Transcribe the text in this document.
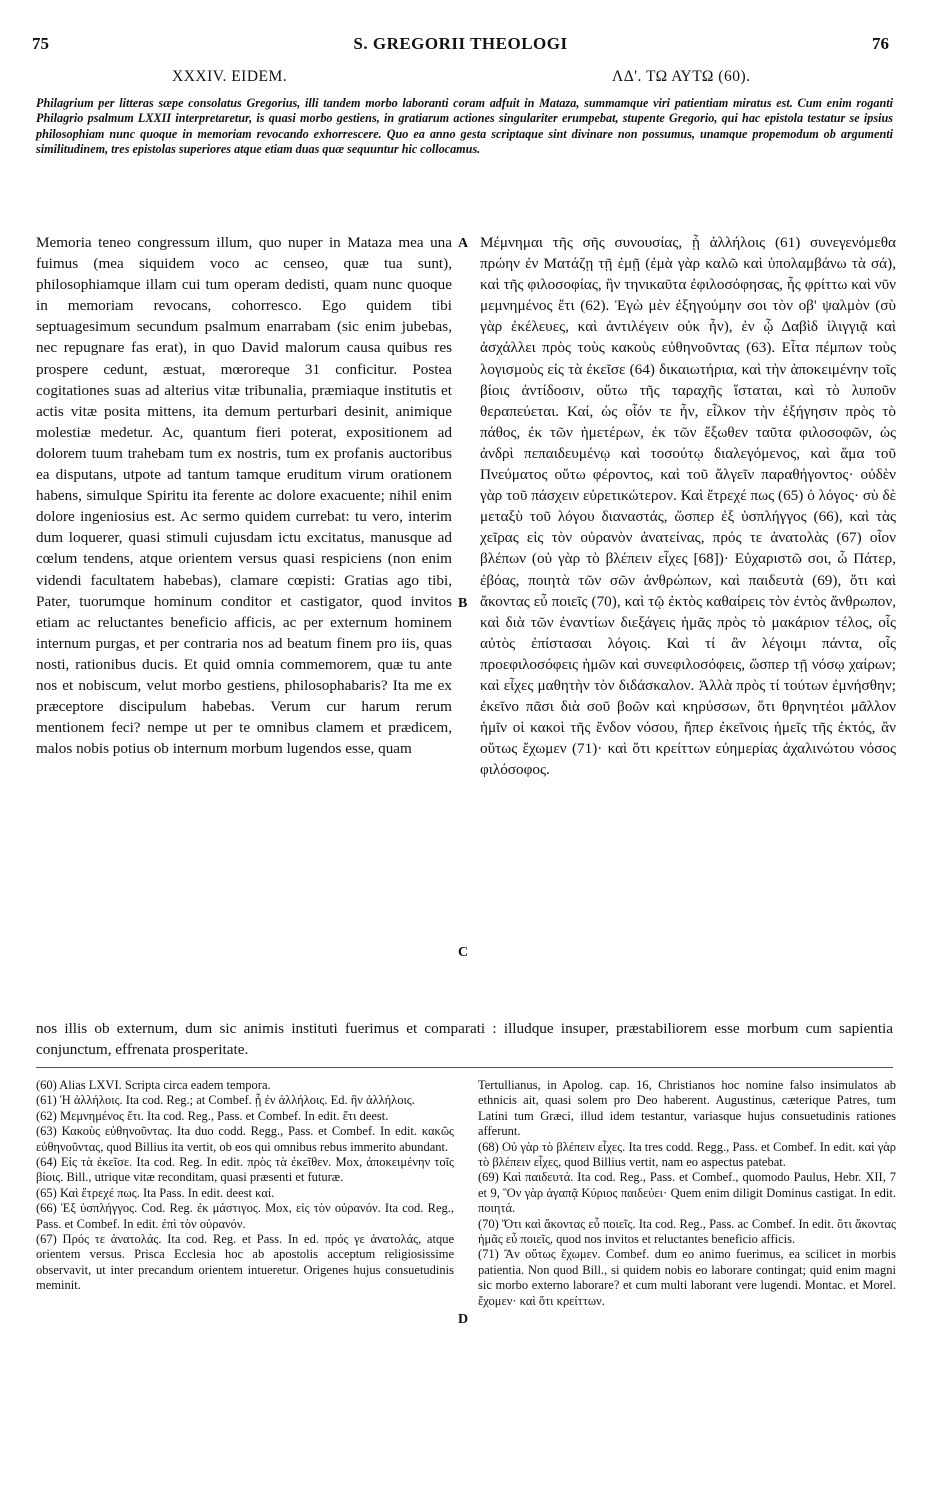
75	S. GREGORII THEOLOGI	76
XXXIV. EIDEM.	ΛΔ'. ΤΩ ΑΥΤΩ (60).
Philagrium per litteras sæpe consolatus Gregorius, illi tandem morbo laboranti coram adfuit in Mataza, summamque viri patientiam miratus est. Cum enim roganti Philagrio psalmum LXXII interpretaretur, is quasi morbo gestiens, in gratiarum actiones singulariter erumpebat, stupente Gregorio, qui hac epistola testatur se ipsius philosophiam nunc quoque in memoriam revocando exhorrescere. Quo ea anno gesta scriptaque sint divinare non possumus, unamque propemodum ob argumenti similitudinem, tres epistolas superiores atque etiam duas quæ sequuntur hic collocamus.
Memoria teneo congressum illum, quo nuper in Mataza mea una fuimus (mea siquidem voco ac censeo, quæ tua sunt), philosophiamque illam cui tum operam dedisti, quam nunc quoque in memoriam revocans, cohorresco. Ego quidem tibi septuagesimum secundum psalmum enarrabam (sic enim jubebas, nec repugnare fas erat), in quo David malorum causa quibus res prospere cedunt, æstuat, mœroreque 31 conficitur. Postea cogitationes suas ad alterius vitæ tribunalia, præmiaque institutis et actis vitæ posita mittens, ita demum perturbari desinit, animique molestiæ medetur. Ac, quantum fieri poterat, expositionem ad dolorem tuum trahebam tum ex nostris, tum ex profanis auctoribus ea disputans, utpote ad tantum tamque eruditum virum orationem habens, simulque Spiritu ita ferente ac dolore exacuente; nihil enim dolore ingeniosius est. Ac sermo quidem currebat: tu vero, interim dum loquerer, quasi stimuli cujusdam ictu excitatus, manusque ad cœlum tendens, atque orientem versus quasi respiciens (non enim videndi facultatem habebas), clamare cœpisti: Gratias ago tibi, Pater, tuorumque hominum conditor et castigator, quod invitos etiam ac reluctantes beneficio afficis, ac per externum hominem internum purgas, et per contraria nos ad beatum finem pro iis, quas nosti, rationibus ducis. Et quid omnia commemorem, quæ tu ante nos et nobiscum, velut morbo gestiens, philosophabaris? Ita me ex præceptore discipulum habebas. Verum cur harum rerum mentionem feci? nempe ut per te omnibus clamem et prædicem, malos nobis potius ob internum morbum lugendos esse, quam
Μέμνημαι τῆς σῆς συνουσίας, ᾗ ἀλλήλοις (61) συνεγενόμεθα πρώην ἐν Ματάζῃ τῇ ἐμῇ (ἐμὰ γὰρ καλῶ καὶ ὑπολαμβάνω τὰ σά), καὶ τῆς φιλοσοφίας, ἣν τηνικαῦτα ἐφιλοσόφησας, ἧς φρίττω καὶ νῦν μεμνημένος ἔτι (62). Ἐγὼ μὲν ἐξηγούμην σοι τὸν οβ' ψαλμὸν (σὺ γὰρ ἐκέλευες, καὶ ἀντιλέγειν οὐκ ἦν), ἐν ᾧ Δαβὶδ ἰλιγγιᾷ καὶ ἀσχάλλει πρὸς τοὺς κακοὺς εὐθηνοῦντας (63). Εἶτα πέμπων τοὺς λογισμοὺς εἰς τὰ ἐκεῖσε (64) δικαιωτήρια, καὶ τὴν ἀποκειμένην τοῖς βίοις ἀντίδοσιν, οὕτω τῆς ταραχῆς ἵσταται, καὶ τὸ λυποῦν θεραπεύεται. Καί, ὡς οἷόν τε ἦν, εἷλκον τὴν ἐξήγησιν πρὸς τὸ πάθος, ἐκ τῶν ἡμετέρων, ἐκ τῶν ἔξωθεν ταῦτα φιλοσοφῶν, ὡς ἀνδρὶ πεπαιδευμένῳ καὶ τοσούτῳ διαλεγόμενος, καὶ ἅμα τοῦ Πνεύματος οὕτω φέροντος, καὶ τοῦ ἄλγεῖν παραθήγοντος· οὐδὲν γὰρ τοῦ πάσχειν εὑρετικώτερον. Καὶ ἔτρεχέ πως (65) ὁ λόγος· σὺ δὲ μεταξὺ τοῦ λόγου διαναστάς, ὥσπερ ἐξ ὑσπλήγγος (66), καὶ τὰς χεῖρας εἰς τὸν οὐρανὸν ἀνατείνας, πρός τε ἀνατολὰς (67) οἷον βλέπων (οὐ γὰρ τὸ βλέπειν εἶχες [68])· Εὐχαριστῶ σοι, ὦ Πάτερ, ἐβόας, ποιητὰ τῶν σῶν ἀνθρώπων, καὶ παιδευτὰ (69), ὅτι καὶ ἄκοντας εὖ ποιεῖς (70), καὶ τῷ ἐκτὸς καθαίρεις τὸν ἐντὸς ἄνθρωπον, καὶ διὰ τῶν ἐναντίων διεξάγεις ἡμᾶς πρὸς τὸ μακάριον τέλος, οἷς αὐτὸς ἐπίστασαι λόγοις. Καὶ τί ἂν λέγοιμι πάντα, οἷς προεφιλοσόφεις ἡμῶν καὶ συνεφιλοσόφεις, ὥσπερ τῇ νόσῳ χαίρων; καὶ εἶχες μαθητὴν τὸν διδάσκαλον. Ἀλλὰ πρὸς τί τούτων ἐμνήσθην; ἐκεῖνο πᾶσι διὰ σοῦ βοῶν καὶ κηρύσσων, ὅτι θρηνητέοι μᾶλλον ἡμῖν οἱ κακοὶ τῆς ἔνδον νόσου, ἤπερ ἐκεῖνοις ἡμεῖς τῆς ἐκτός, ἂν οὕτως ἔχωμεν (71)· καὶ ὅτι κρείττων εὐημερίας ἀχαλινώτου νόσος φιλόσοφος.
A
B
C
D
nos illis ob externum, dum sic animis instituti fuerimus et comparati : illudque insuper, præstabiliorem esse morbum cum sapientia conjunctum, effrenata prosperitate.

(60) Alias LXVI. Scripta circa eadem tempora.

(61) Ἡ ἀλλήλοις. Ita cod. Reg.; at Combef. ᾗ ἐν ἀλλήλοις. Ed. ἣν ἀλλήλοις.

(62) Μεμνημένος ἔτι. Ita cod. Reg., Pass. et Combef. In edit. ἔτι deest.

(63) Κακοὺς εὐθηνοῦντας. Ita duo codd. Regg., Pass. et Combef. In edit. κακῶς εὐθηνοῦντας, quod Billius ita vertit, ob eos qui omnibus rebus immerito abundant.

(64) Εἰς τὰ ἐκεῖσε. Ita cod. Reg. In edit. πρὸς τὰ ἐκεῖθεν. Mox, ἀποκειμένην τοῖς βίοις. Bill., utrique vitæ reconditam, quasi præsenti et futuræ.

(65) Καὶ ἔτρεχέ πως. Ita Pass. In edit. deest καί.

(66) Ἐξ ὑσπλήγγος. Cod. Reg. ἐκ μάστιγος. Mox, εἰς τὸν οὐρανόν. Ita cod. Reg., Pass. et Combef. In edit. ἐπὶ τὸν οὐρανόν.

(67) Πρός τε ἀνατολάς. Ita cod. Reg. et Pass. In ed. πρός γε ἀνατολάς, atque orientem versus. Prisca Ecclesia hoc ab apostolis acceptum religiosissime observavit, ut inter precandum orientem intueretur. Origenes hujus consuetudinis meminit.

Tertullianus, in Apolog. cap. 16, Christianos hoc nomine falso insimulatos ab ethnicis ait, quasi solem pro Deo haberent. Augustinus, cæterique Patres, tum Latini tum Græci, illud idem testantur, variasque hujus consuetudinis rationes afferunt.

(68) Οὐ γὰρ τὸ βλέπειν εἶχες. Ita tres codd. Regg., Pass. et Combef. In edit. καὶ γὰρ τὸ βλέπειν εἶχες, quod Billius vertit, nam eo aspectus patebat.

(69) Καὶ παιδευτά. Ita cod. Reg., Pass. et Combef., quomodo Paulus, Hebr. XII, 7 et 9, Ὃν γὰρ ἀγαπᾷ Κύριος παιδεύει· Quem enim diligit Dominus castigat. In edit. ποιητά.

(70) Ὅτι καὶ ἄκοντας εὖ ποιεῖς. Ita cod. Reg., Pass. ac Combef. In edit. ὅτι ἄκοντας ἡμᾶς εὖ ποιεῖς, quod nos invitos et reluctantes beneficio afficis.

(71) Ἂν οὕτως ἔχωμεν. Combef. dum eo animo fuerimus, ea scilicet in morbis patientia. Non quod Bill., si quidem nobis eo laborare contingat; quid enim magni sic morbo externo laborare? et cum multi laborant vere lugendi. Montac. et Morel. ἔχομεν· καὶ ὅτι κρείττων.
